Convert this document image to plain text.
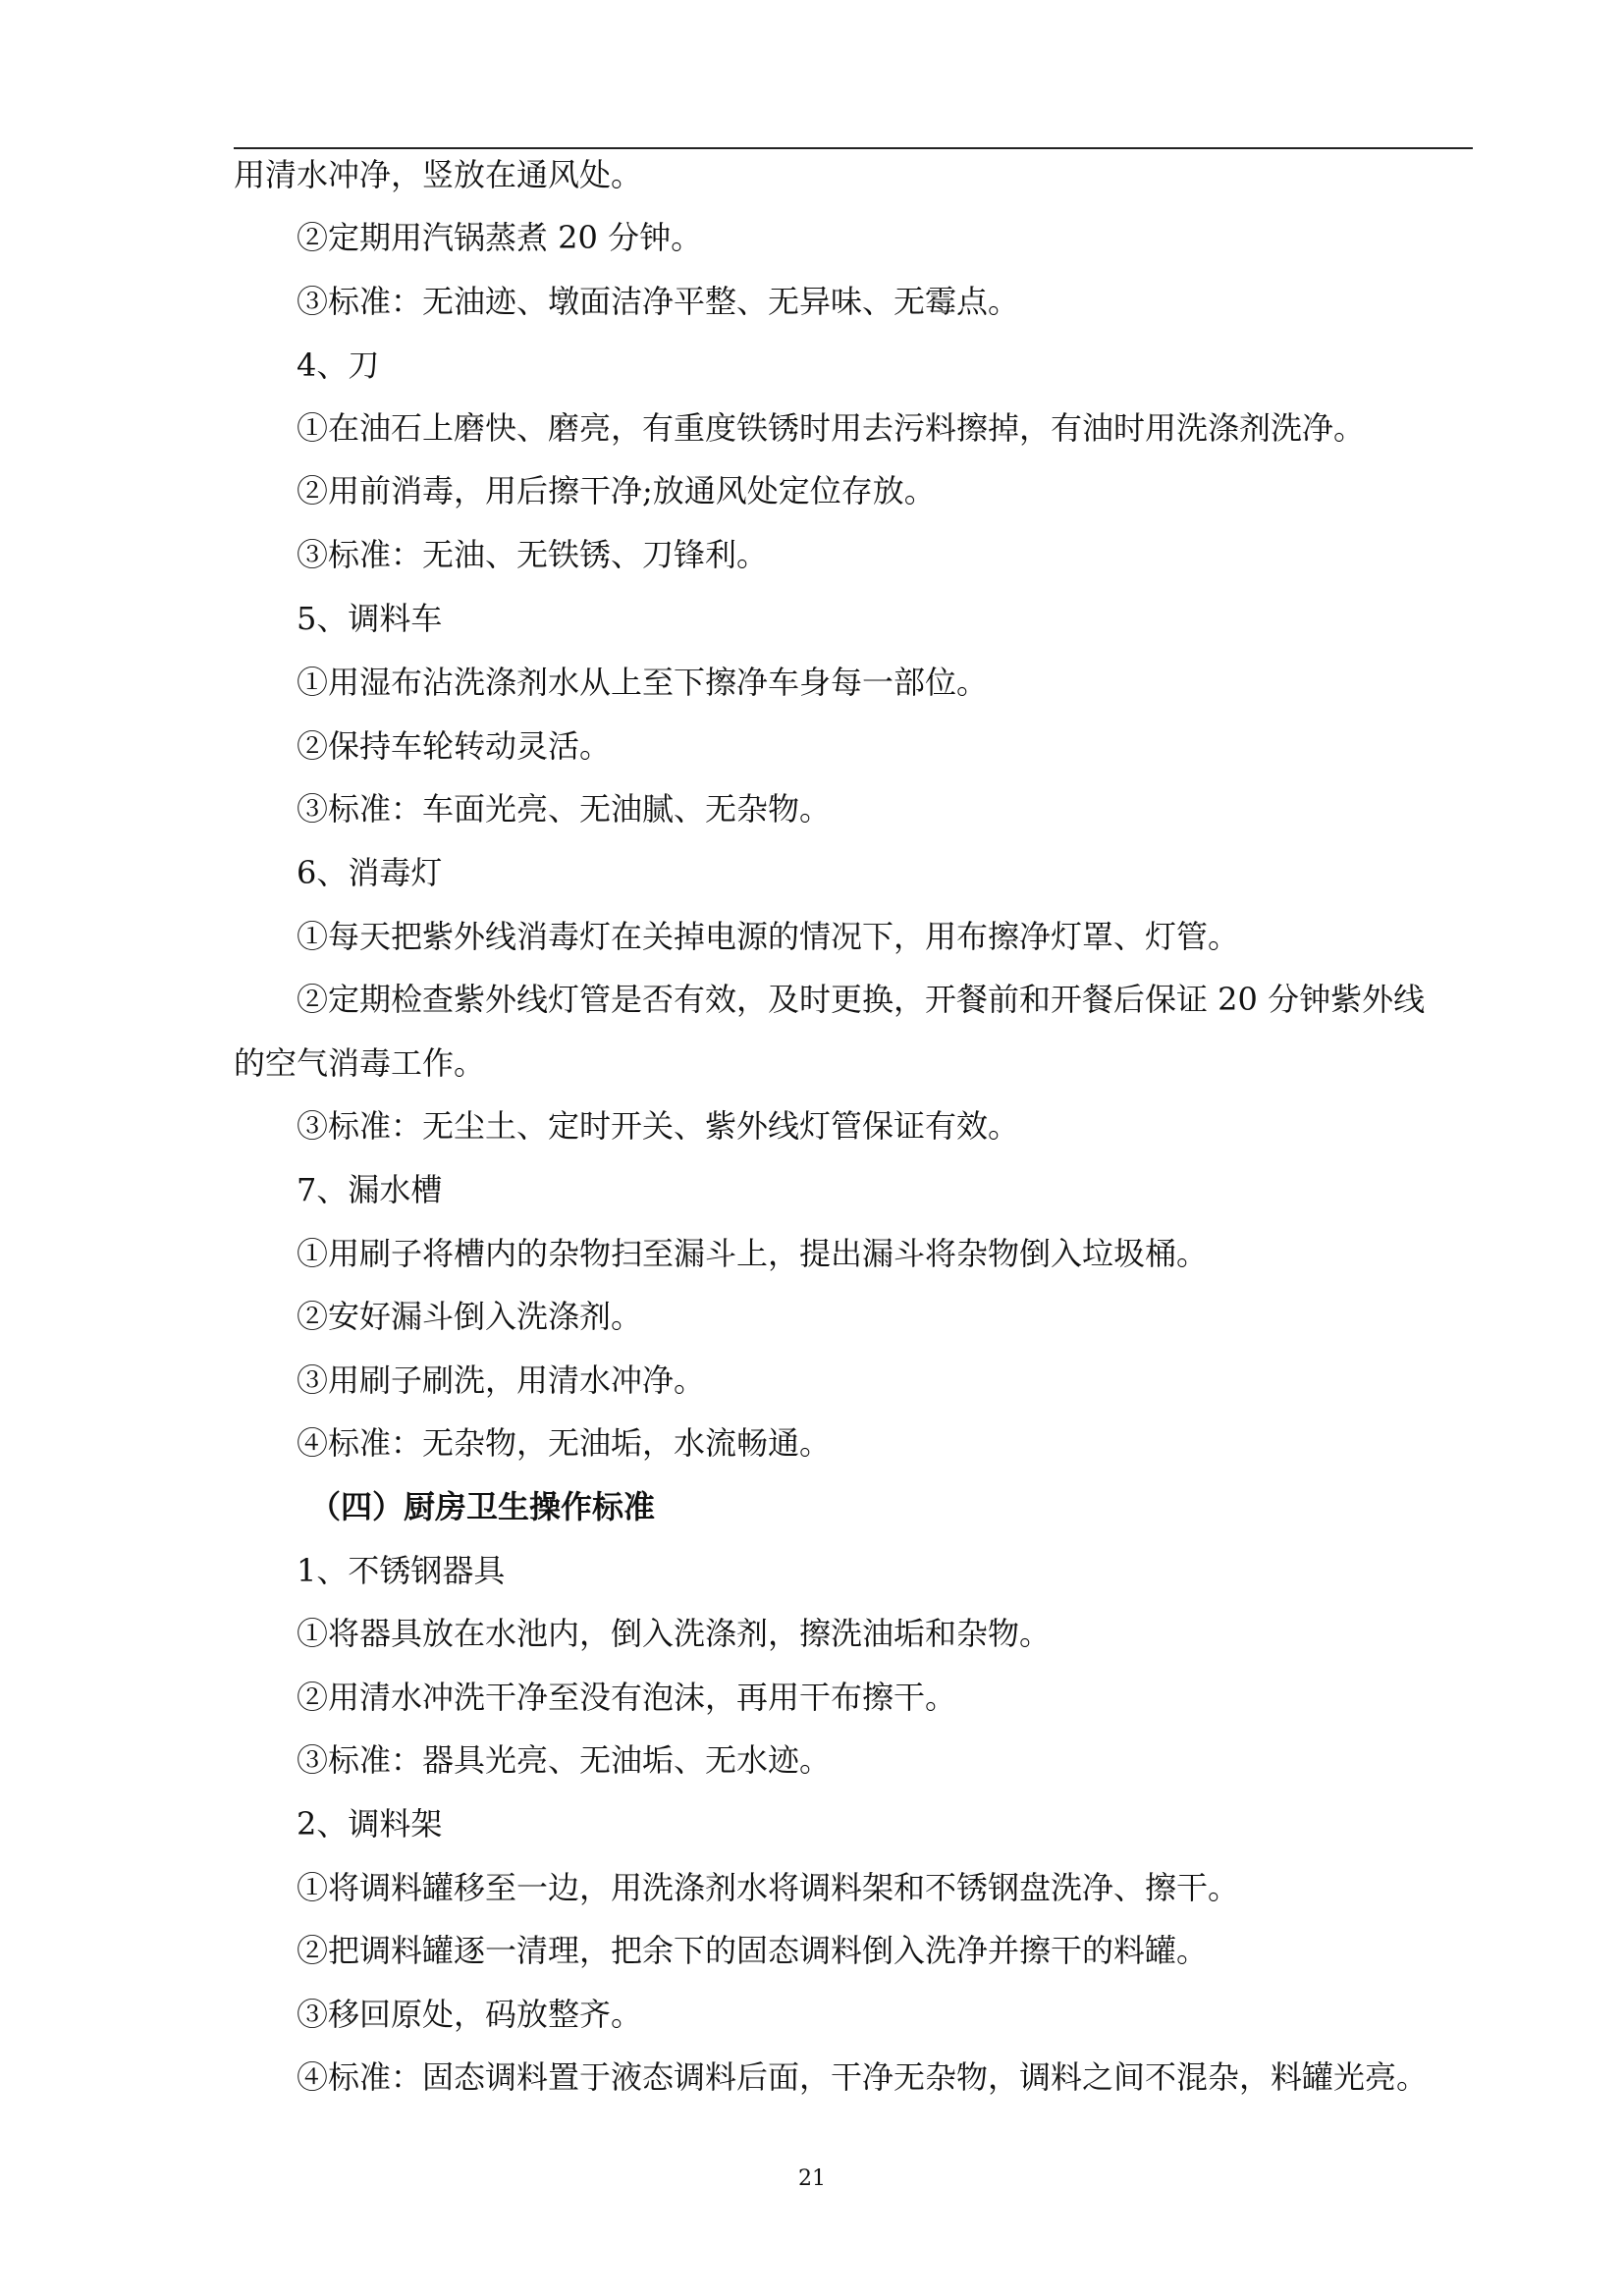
用清水冲净，竖放在通风处。
②定期用汽锅蒸煮 20 分钟。
③标准：无油迹、墩面洁净平整、无异味、无霉点。
4、刀
①在油石上磨快、磨亮，有重度铁锈时用去污料擦掉，有油时用洗涤剂洗净。
②用前消毒，用后擦干净;放通风处定位存放。
③标准：无油、无铁锈、刀锋利。
5、调料车
①用湿布沾洗涤剂水从上至下擦净车身每一部位。
②保持车轮转动灵活。
③标准：车面光亮、无油腻、无杂物。
6、消毒灯
①每天把紫外线消毒灯在关掉电源的情况下，用布擦净灯罩、灯管。
②定期检查紫外线灯管是否有效，及时更换，开餐前和开餐后保证 20 分钟紫外线
的空气消毒工作。
③标准：无尘土、定时开关、紫外线灯管保证有效。
7、漏水槽
①用刷子将槽内的杂物扫至漏斗上，提出漏斗将杂物倒入垃圾桶。
②安好漏斗倒入洗涤剂。
③用刷子刷洗，用清水冲净。
④标准：无杂物，无油垢，水流畅通。
（四）厨房卫生操作标准
1、不锈钢器具
①将器具放在水池内，倒入洗涤剂，擦洗油垢和杂物。
②用清水冲洗干净至没有泡沫，再用干布擦干。
③标准：器具光亮、无油垢、无水迹。
2、调料架
①将调料罐移至一边，用洗涤剂水将调料架和不锈钢盘洗净、擦干。
②把调料罐逐一清理，把余下的固态调料倒入洗净并擦干的料罐。
③移回原处，码放整齐。
④标准：固态调料置于液态调料后面，干净无杂物，调料之间不混杂，料罐光亮。
21
